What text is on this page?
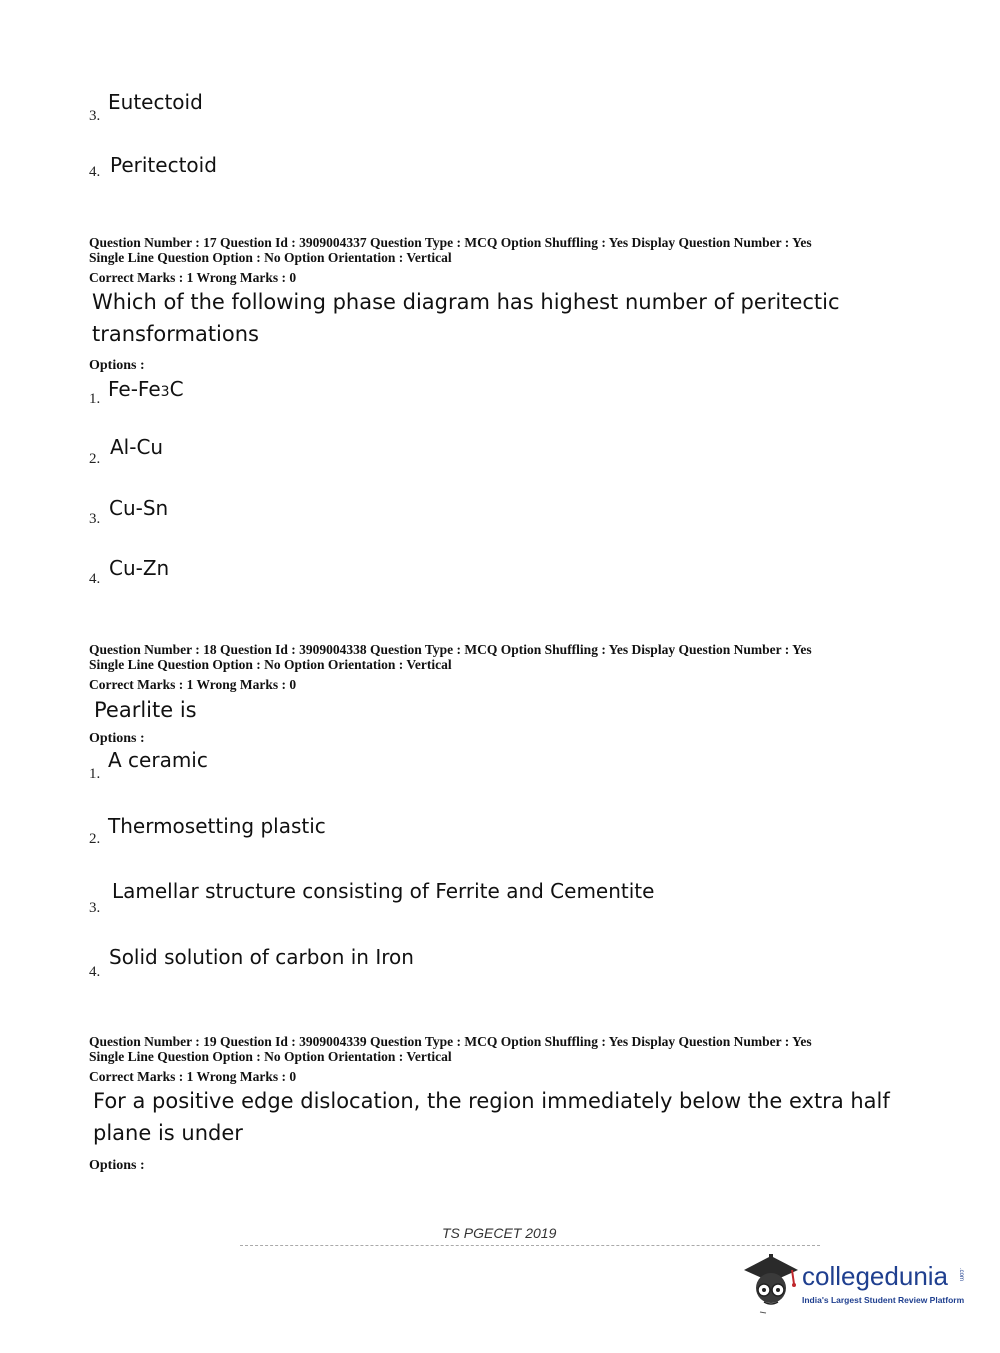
3.
Eutectoid
4. Peritectoid
Question Number : 17 Question Id : 3909004337 Question Type : MCQ Option Shuffling : Yes Display Question Number : Yes
Single Line Question Option : No Option Orientation : Vertical
Correct Marks : 1 Wrong Marks : 0
Which of the following phase diagram has highest number of peritectic
transformations
Options :
1. Fe-Fe3C
2. Al-Cu
3. Cu-Sn
4. Cu-Zn
Question Number : 18 Question Id : 3909004338 Question Type : MCQ Option Shuffling : Yes Display Question Number : Yes
Single Line Question Option : No Option Orientation : Vertical
Correct Marks : 1 Wrong Marks : 0
Pearlite is
Options :
1.
A ceramic
2.
Thermosetting plastic
3.
Lamellar structure consisting of Ferrite and Cementite
4.
Solid solution of carbon in Iron
Question Number : 19 Question Id : 3909004339 Question Type : MCQ Option Shuffling : Yes Display Question Number : Yes
Single Line Question Option : No Option Orientation : Vertical
Correct Marks : 1 Wrong Marks : 0
For a positive edge dislocation, the region immediately below the extra half
plane is under
Options :
TS PGECET 2019
collegedunia .com
India's Largest Student Review Platform
